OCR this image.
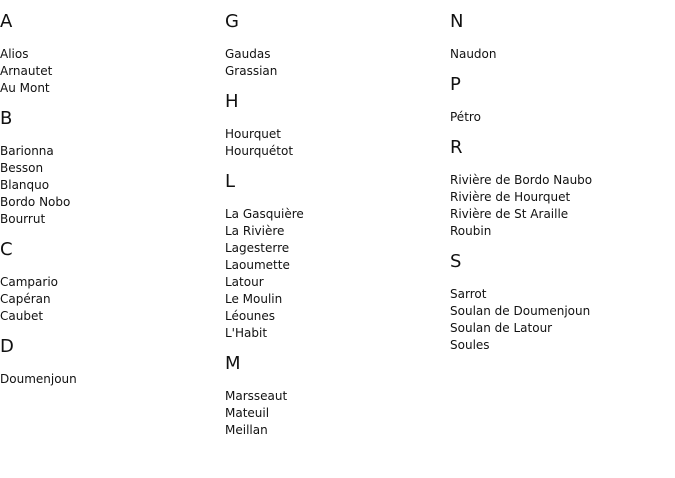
A
Alios
Arnautet
Au Mont
B
Barionna
Besson
Blanquo
Bordo Nobo
Bourrut
C
Campario
Capéran
Caubet
D
Doumenjoun
G
Gaudas
Grassian
H
Hourquet
Hourquétot
L
La Gasquière
La Rivière
Lagesterre
Laoumette
Latour
Le Moulin
Léounes
L'Habit
M
Marsseaut
Mateuil
Meillan
N
Naudon
P
Pétro
R
Rivière de Bordo Naubo
Rivière de Hourquet
Rivière de St Araille
Roubin
S
Sarrot
Soulan de Doumenjoun
Soulan de Latour
Soules
